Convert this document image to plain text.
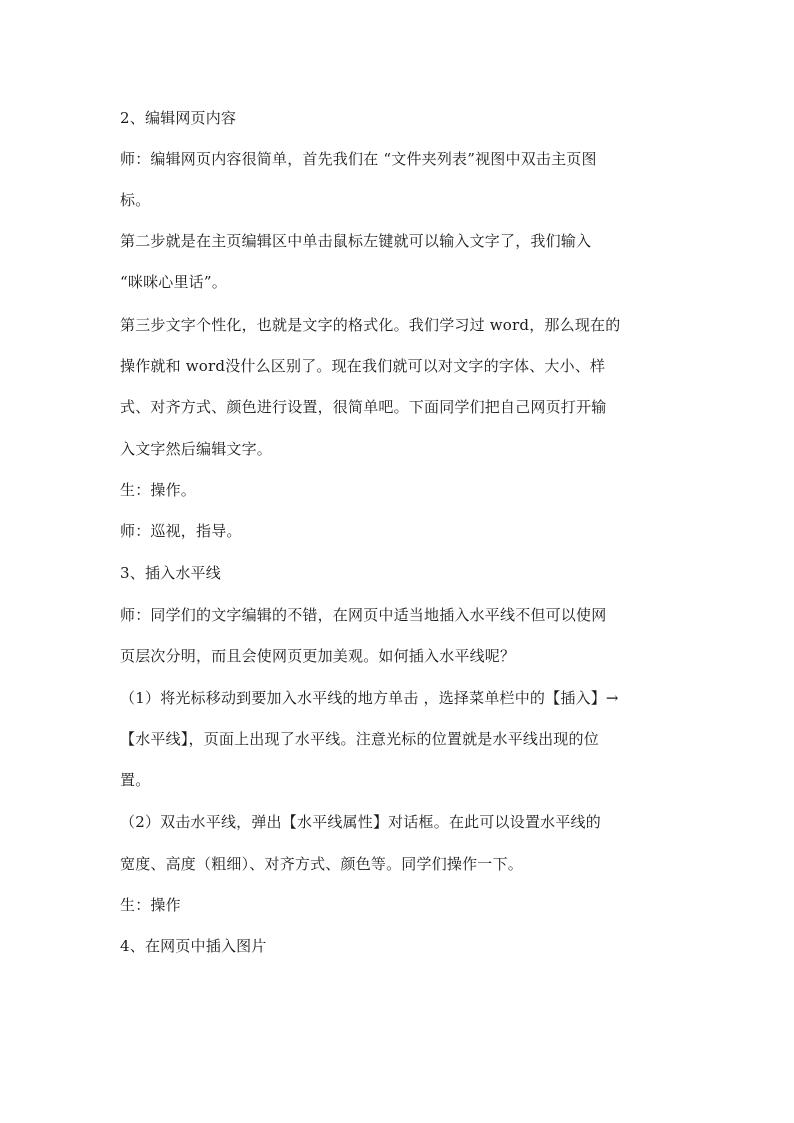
2、编辑网页内容
师：编辑网页内容很简单，首先我们在 “文件夹列表”视图中双击主页图
标。
第二步就是在主页编辑区中单击鼠标左键就可以输入文字了，我们输入
“咪咪心里话”。
第三步文字个性化，也就是文字的格式化。我们学习过 word，那么现在的
操作就和 word没什么区别了。现在我们就可以对文字的字体、大小、样
式、对齐方式、颜色进行设置，很简单吧。下面同学们把自己网页打开输
入文字然后编辑文字。
生：操作。
师：巡视，指导。
3、插入水平线
师：同学们的文字编辑的不错，在网页中适当地插入水平线不但可以使网
页层次分明，而且会使网页更加美观。如何插入水平线呢？
（1）将光标移动到要加入水平线的地方单击 ，选择菜单栏中的【插入】→
【水平线】，页面上出现了水平线。注意光标的位置就是水平线出现的位
置。
（2）双击水平线，弹出【水平线属性】对话框。在此可以设置水平线的
宽度、高度（粗细）、对齐方式、颜色等。同学们操作一下。
生：操作
4、在网页中插入图片
